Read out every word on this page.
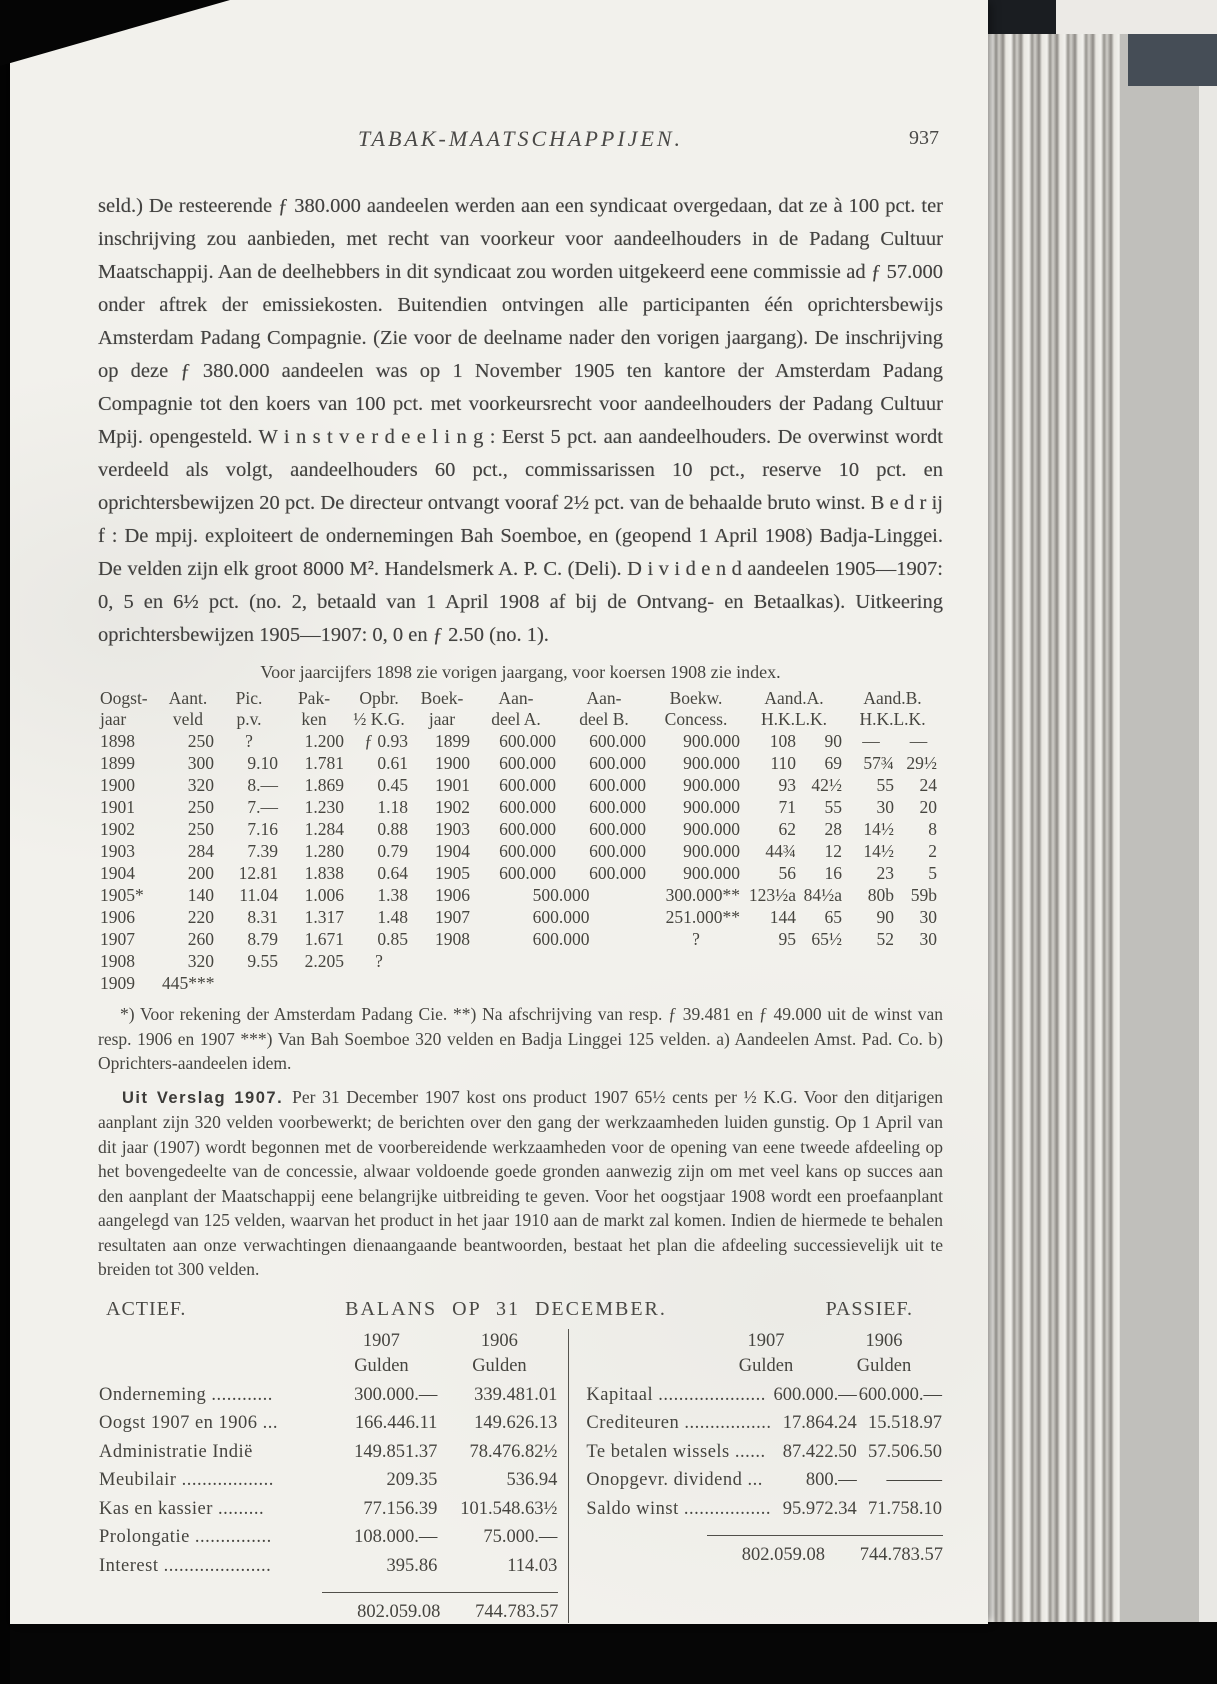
TABAK-MAATSCHAPPIJEN.	937

seld.) De resteerende ƒ 380.000 aandeelen werden aan een syndicaat overgedaan, dat ze à 100 pct. ter inschrijving zou aanbieden, met recht van voorkeur voor aandeelhouders in de Padang Cultuur Maatschappij. Aan de deelhebbers in dit syndicaat zou worden uitgekeerd eene commissie ad ƒ 57.000 onder aftrek der emissiekosten. Buitendien ontvingen alle participanten één oprichtersbewijs Amsterdam Padang Compagnie. (Zie voor de deelname nader den vorigen jaargang). De inschrijving op deze ƒ 380.000 aandeelen was op 1 November 1905 ten kantore der Amsterdam Padang Compagnie tot den koers van 100 pct. met voorkeursrecht voor aandeelhouders der Padang Cultuur Mpij. opengesteld. W i n s t v e r d e e l i n g : Eerst 5 pct. aan aandeelhouders. De overwinst wordt verdeeld als volgt, aandeelhouders 60 pct., commissarissen 10 pct., reserve 10 pct. en oprichtersbewijzen 20 pct. De directeur ontvangt vooraf 2½ pct. van de behaalde bruto winst. B e d r ij f : De mpij. exploiteert de ondernemingen Bah Soemboe, en (geopend 1 April 1908) Badja-Linggei. De velden zijn elk groot 8000 M². Handelsmerk A. P. C. (Deli). D i v i d e n d aandeelen 1905—1907: 0, 5 en 6½ pct. (no. 2, betaald van 1 April 1908 af bij de Ontvang- en Betaalkas). Uitkeering oprichtersbewijzen 1905—1907: 0, 0 en ƒ 2.50 (no. 1).

Voor jaarcijfers 1898 zie vorigen jaargang, voor koersen 1908 zie index.

Oogst-	Aant.	Pic.	Pak-	Opbr.	Boek-	Aan-	Aan-	Boekw.	Aand.A.		Aand.B.	
jaar	veld	p.v.	ken	½ K.G.	jaar	deel A.	deel B.	Concess.	H.K.L.K.		H.K.L.K.	
1898	250	?	1.200	ƒ 0.93	1899	600.000	600.000	900.000	108	90	—	—
1899	300	9.10	1.781	0.61	1900	600.000	600.000	900.000	110	69	57¾	29½
1900	320	8.—	1.869	0.45	1901	600.000	600.000	900.000	93	42½	55	24
1901	250	7.—	1.230	1.18	1902	600.000	600.000	900.000	71	55	30	20
1902	250	7.16	1.284	0.88	1903	600.000	600.000	900.000	62	28	14½	8
1903	284	7.39	1.280	0.79	1904	600.000	600.000	900.000	44¾	12	14½	2
1904	200	12.81	1.838	0.64	1905	600.000	600.000	900.000	56	16	23	5
1905*	140	11.04	1.006	1.38	1906	500.000		300.000**	123½a	84½a	80b	59b
1906	220	8.31	1.317	1.48	1907	600.000		251.000**	144	65	90	30
1907	260	8.79	1.671	0.85	1908	600.000		?	95	65½	52	30
1908	320	9.55	2.205	?								
1909	445***											

*) Voor rekening der Amsterdam Padang Cie. **) Na afschrijving van resp. ƒ 39.481 en ƒ 49.000 uit de winst van resp. 1906 en 1907 ***) Van Bah Soemboe 320 velden en Badja Linggei 125 velden. a) Aandeelen Amst. Pad. Co. b) Oprichters-aandeelen idem.

Uit Verslag 1907. Per 31 December 1907 kost ons product 1907 65½ cents per ½ K.G. Voor den ditjarigen aanplant zijn 320 velden voorbewerkt; de berichten over den gang der werkzaamheden luiden gunstig. Op 1 April van dit jaar (1907) wordt begonnen met de voorbereidende werkzaamheden voor de opening van eene tweede afdeeling op het bovengedeelte van de concessie, alwaar voldoende goede gronden aanwezig zijn om met veel kans op succes aan den aanplant der Maatschappij eene belangrijke uitbreiding te geven. Voor het oogstjaar 1908 wordt een proefaanplant aangelegd van 125 velden, waarvan het product in het jaar 1910 aan de markt zal komen. Indien de hiermede te behalen resultaten aan onze verwachtingen dienaangaande beantwoorden, bestaat het plan die afdeeling successievelijk uit te breiden tot 300 velden.

ACTIEF.	BALANS OP 31 DECEMBER.	PASSIEF.
1907	1906
Gulden	Gulden
Onderneming ............	300.000.—	339.481.01
Oogst 1907 en 1906 ...	166.446.11	149.626.13
Administratie Indië	149.851.37	78.476.82½
Meubilair ..................	209.35	536.94
Kas en kassier .........	77.156.39	101.548.63½
Prolongatie ...............	108.000.—	75.000.—
Interest .....................	395.86	114.03
802.059.08	744.783.57
1907	1906
Gulden	Gulden
Kapitaal .....................	600.000.—	600.000.—
Crediteuren .................	17.864.24	15.518.97
Te betalen wissels ......	87.422.50	57.506.50
Onopgevr. dividend ...	800.—	———
Saldo winst .................	95.972.34	71.758.10
802.059.08	744.783.57
